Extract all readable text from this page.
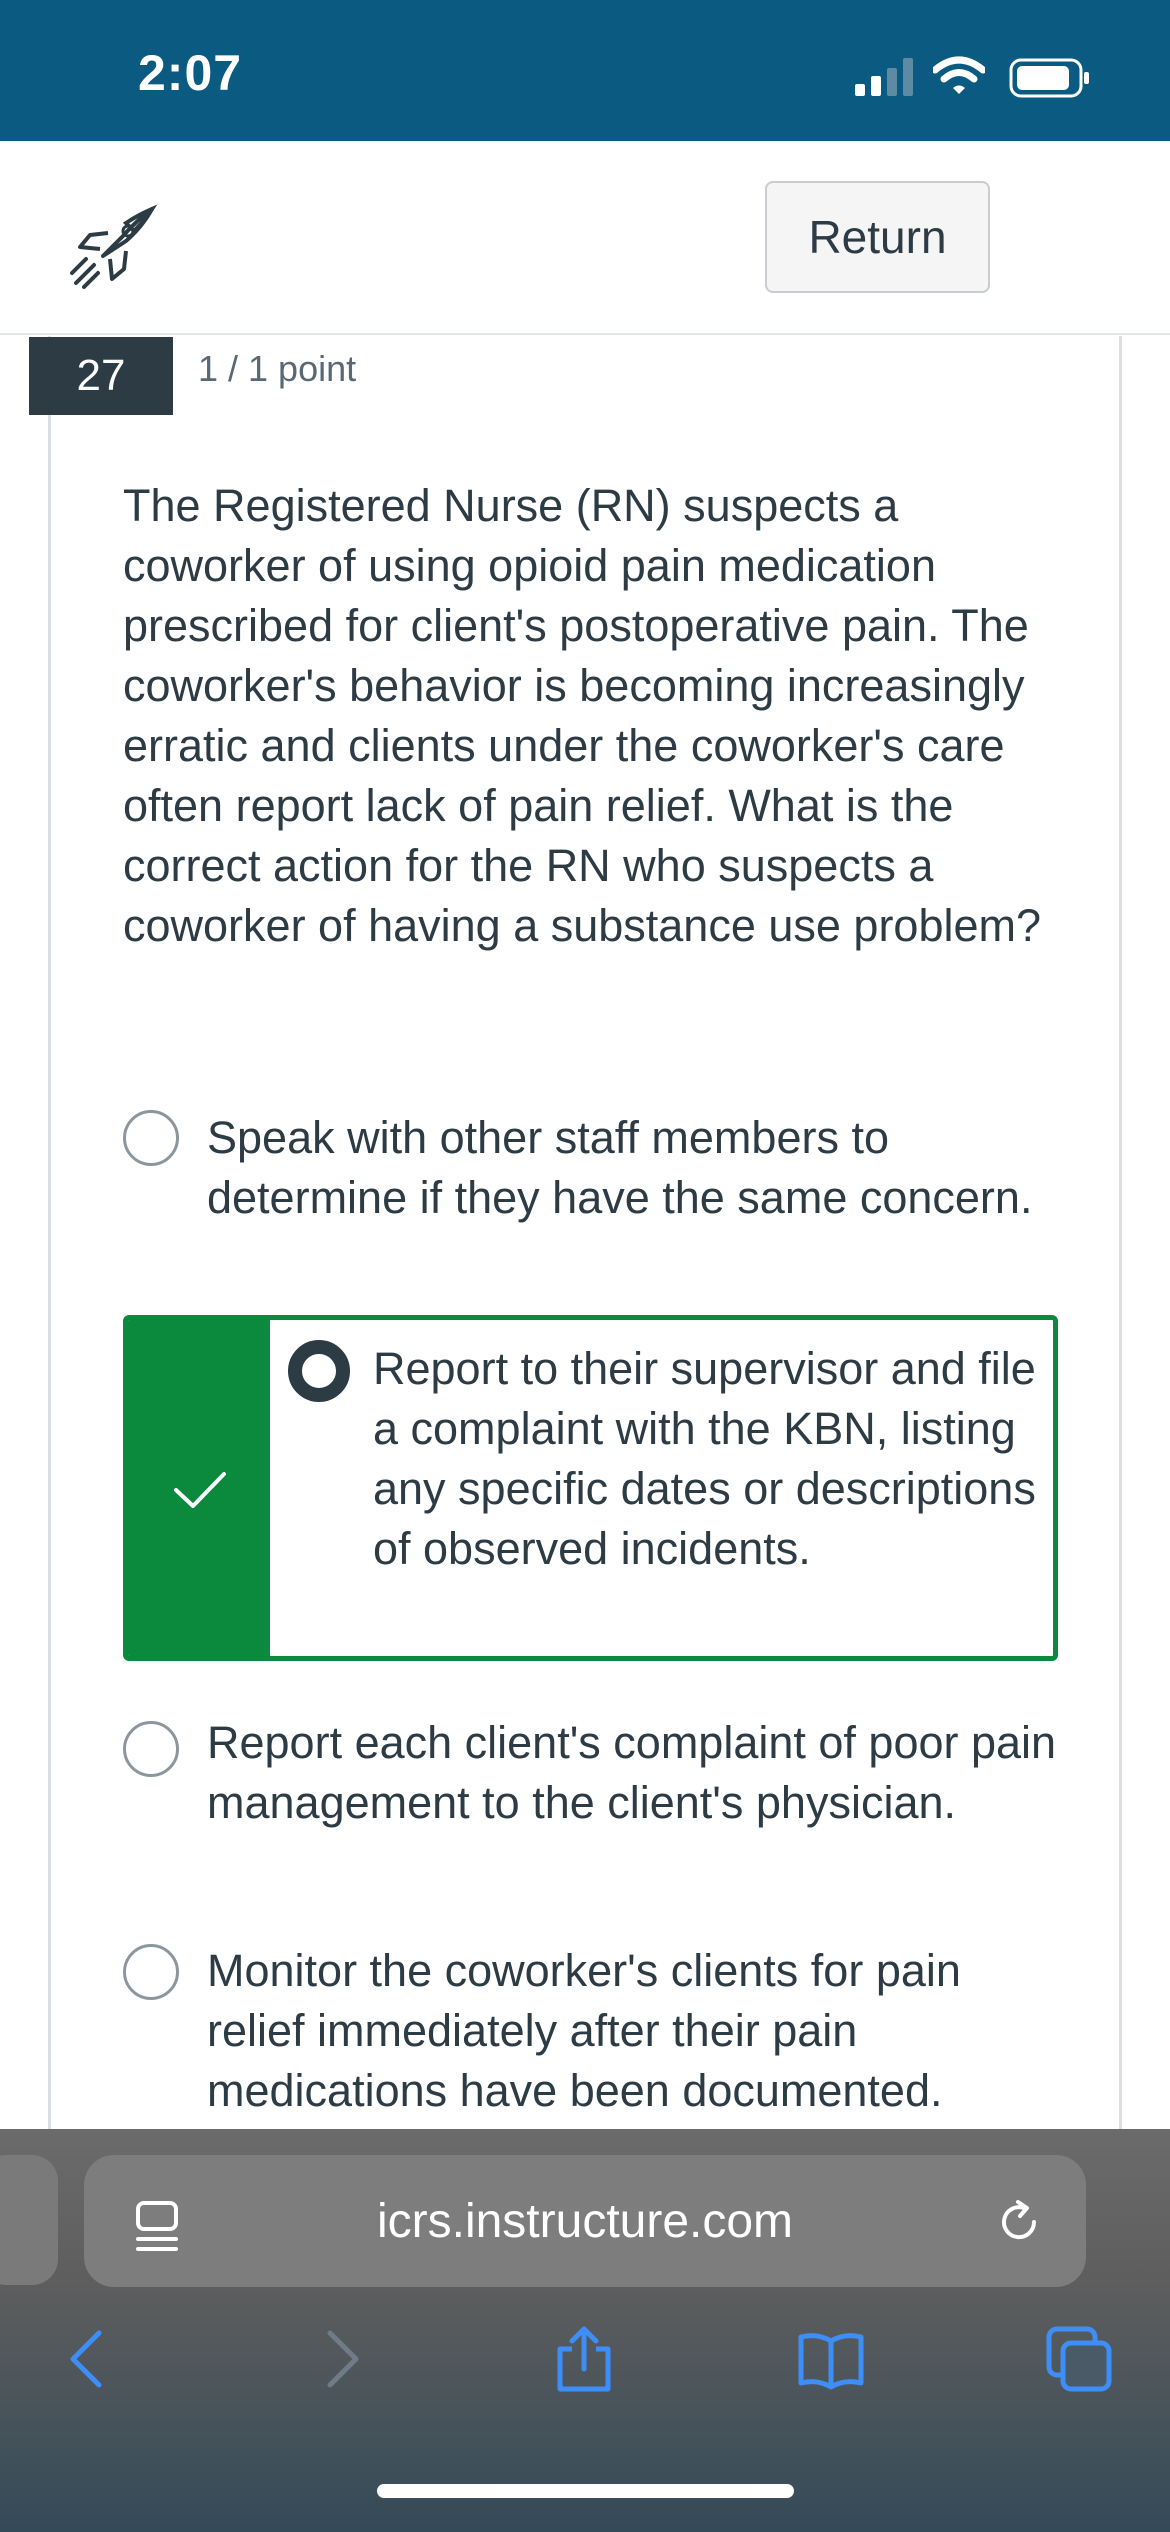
2:07
Return
27	1 / 1 point

The Registered Nurse (RN) suspects a coworker of using opioid pain medication prescribed for client's postoperative pain. The coworker's behavior is becoming increasingly erratic and clients under the coworker's care often report lack of pain relief. What is the correct action for the RN who suspects a coworker of having a substance use problem?

Speak with other staff members to determine if they have the same concern.
Report to their supervisor and file a complaint with the KBN, listing any specific dates or descriptions of observed incidents.
Report each client's complaint of poor pain management to the client's physician.
Monitor the coworker's clients for pain relief immediately after their pain medications have been documented.
icrs.instructure.com
